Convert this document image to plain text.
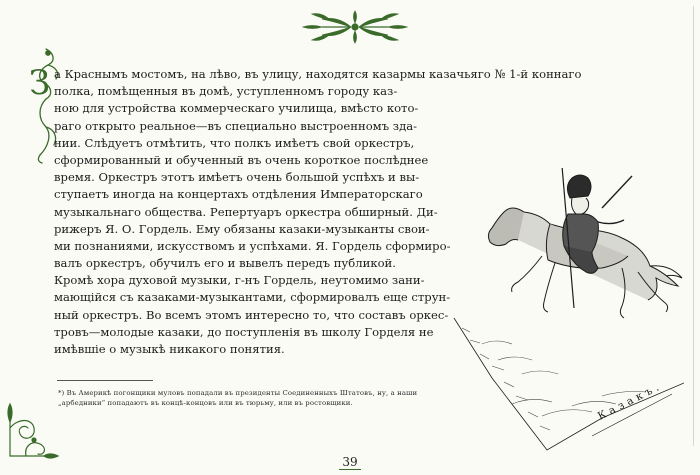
З а Краснымъ мостомъ, на лѣво, въ улицу, находятся казармы казачьяго № 1-й коннаго
полка, помѣщенныя въ домѣ, уступленномъ городу каз-
ною для устройства коммерческаго училища, вмѣсто кото-
раго открыто реальное—въ специально выстроенномъ зда-
нии. Слѣдуетъ отмѣтить, что полкъ имѣетъ свой оркестръ,
сформированный и обученный въ очень короткое послѣднее
время. Оркестръ этотъ имѣетъ очень большой успѣхъ и вы-
ступаетъ иногда на концертахъ отдѣления Императорскаго
музыкальнаго общества. Репертуаръ оркестра обширный. Ди-
рижеръ Я. О. Гордель. Ему обязаны казаки-музыканты свои-
ми познаниями, искусствомъ и успѣхами. Я. Гордель сформиро-
валъ оркестръ, обучилъ его и вывелъ передъ публикой.
Кромѣ хора духовой музыки, г-нъ Гордель, неутомимо зани-
мающiйся съ казаками-музыкантами, сформировалъ еще струн-
ный оркестръ. Во всемъ этомъ интересно то, что составъ оркес-
тровъ—молодые казаки, до поступленiя въ школу Горделя не
имѣвшiе о музыкѣ никакого понятия.
Казакъ.
*) Въ Америкѣ погонщики муловъ попадали въ президенты Соединенныхъ Штатовъ, ну, а наши
„арбедники“ попадаютъ въ концѣ-концовъ или въ тюрьму, или въ ростовщики.
39
